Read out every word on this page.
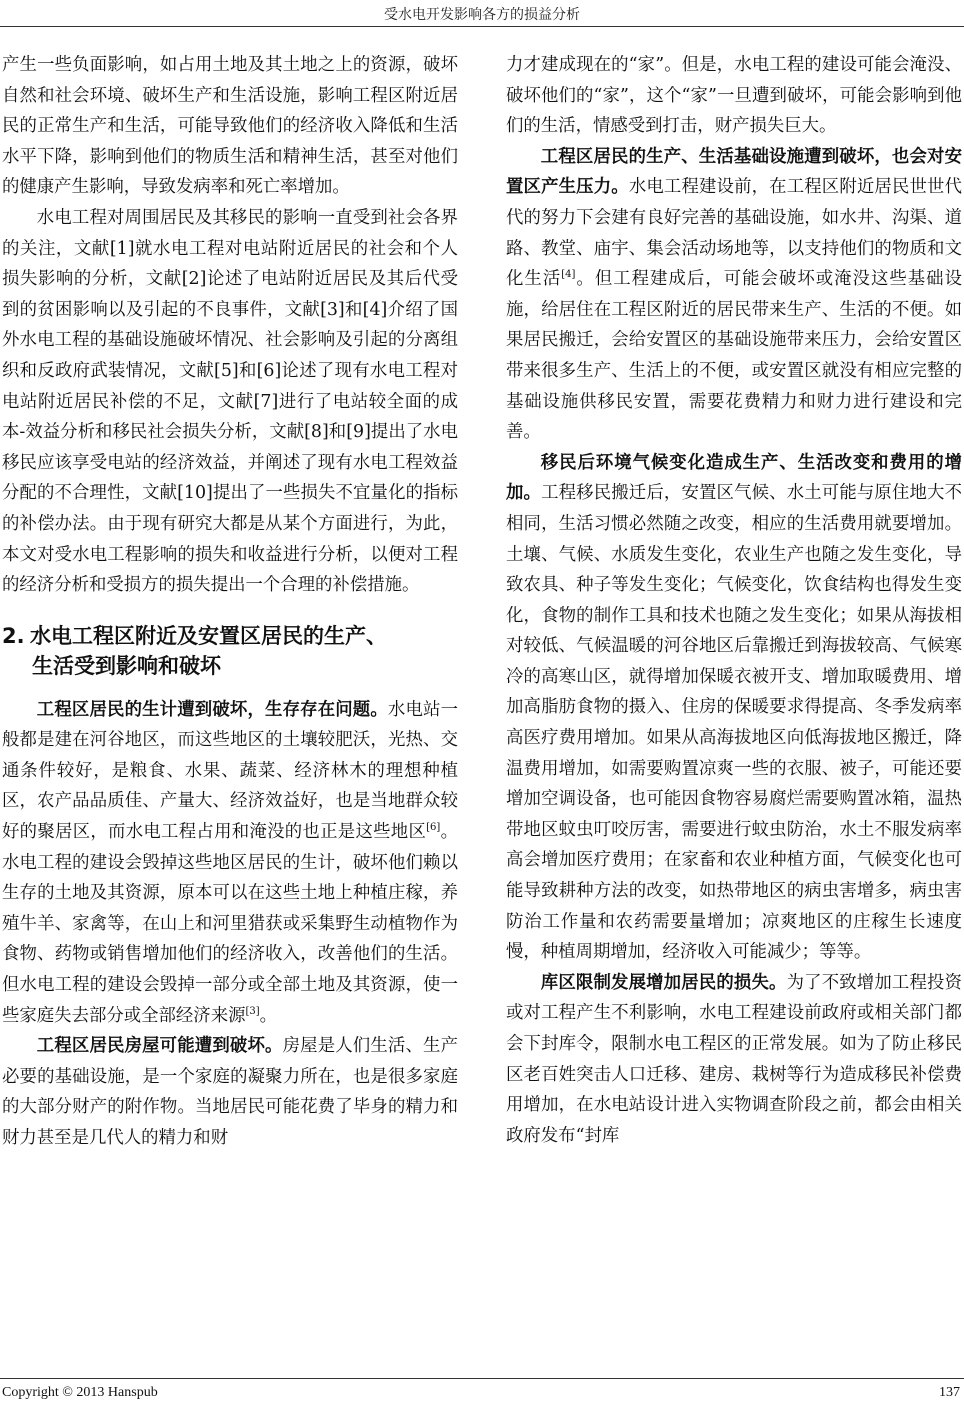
受水电开发影响各方的损益分析

产生一些负面影响，如占用土地及其土地之上的资源，破坏自然和社会环境、破坏生产和生活设施，影响工程区附近居民的正常生产和生活，可能导致他们的经济收入降低和生活水平下降，影响到他们的物质生活和精神生活，甚至对他们的健康产生影响，导致发病率和死亡率增加。

水电工程对周围居民及其移民的影响一直受到社会各界的关注，文献[1]就水电工程对电站附近居民的社会和个人损失影响的分析，文献[2]论述了电站附近居民及其后代受到的贫困影响以及引起的不良事件，文献[3]和[4]介绍了国外水电工程的基础设施破坏情况、社会影响及引起的分离组织和反政府武装情况，文献[5]和[6]论述了现有水电工程对电站附近居民补偿的不足，文献[7]进行了电站较全面的成本-效益分析和移民社会损失分析，文献[8]和[9]提出了水电移民应该享受电站的经济效益，并阐述了现有水电工程效益分配的不合理性，文献[10]提出了一些损失不宜量化的指标的补偿办法。由于现有研究大都是从某个方面进行，为此，本文对受水电工程影响的损失和收益进行分析，以便对工程的经济分析和受损方的损失提出一个合理的补偿措施。

2. 水电工程区附近及安置区居民的生产、
生活受到影响和破坏

工程区居民的生计遭到破坏，生存存在问题。水电站一般都是建在河谷地区，而这些地区的土壤较肥沃，光热、交通条件较好，是粮食、水果、蔬菜、经济林木的理想种植区，农产品品质佳、产量大、经济效益好，也是当地群众较好的聚居区，而水电工程占用和淹没的也正是这些地区[6]。水电工程的建设会毁掉这些地区居民的生计，破坏他们赖以生存的土地及其资源，原本可以在这些土地上种植庄稼，养殖牛羊、家禽等，在山上和河里猎获或采集野生动植物作为食物、药物或销售增加他们的经济收入，改善他们的生活。但水电工程的建设会毁掉一部分或全部土地及其资源，使一些家庭失去部分或全部经济来源[3]。

工程区居民房屋可能遭到破坏。房屋是人们生活、生产必要的基础设施，是一个家庭的凝聚力所在，也是很多家庭的大部分财产的附作物。当地居民可能花费了毕身的精力和财力甚至是几代人的精力和财

力才建成现在的“家”。但是，水电工程的建设可能会淹没、破坏他们的“家”，这个“家”一旦遭到破坏，可能会影响到他们的生活，情感受到打击，财产损失巨大。

工程区居民的生产、生活基础设施遭到破坏，也会对安置区产生压力。水电工程建设前，在工程区附近居民世世代代的努力下会建有良好完善的基础设施，如水井、沟渠、道路、教堂、庙宇、集会活动场地等，以支持他们的物质和文化生活[4]。但工程建成后，可能会破坏或淹没这些基础设施，给居住在工程区附近的居民带来生产、生活的不便。如果居民搬迁，会给安置区的基础设施带来压力，会给安置区带来很多生产、生活上的不便，或安置区就没有相应完整的基础设施供移民安置，需要花费精力和财力进行建设和完善。

移民后环境气候变化造成生产、生活改变和费用的增加。工程移民搬迁后，安置区气候、水土可能与原住地大不相同，生活习惯必然随之改变，相应的生活费用就要增加。土壤、气候、水质发生变化，农业生产也随之发生变化，导致农具、种子等发生变化；气候变化，饮食结构也得发生变化，食物的制作工具和技术也随之发生变化；如果从海拔相对较低、气候温暖的河谷地区后靠搬迁到海拔较高、气候寒冷的高寒山区，就得增加保暖衣被开支、增加取暖费用、增加高脂肪食物的摄入、住房的保暖要求得提高、冬季发病率高医疗费用增加。如果从高海拔地区向低海拔地区搬迁，降温费用增加，如需要购置凉爽一些的衣服、被子，可能还要增加空调设备，也可能因食物容易腐烂需要购置冰箱，温热带地区蚊虫叮咬厉害，需要进行蚊虫防治，水土不服发病率高会增加医疗费用；在家畜和农业种植方面，气候变化也可能导致耕种方法的改变，如热带地区的病虫害增多，病虫害防治工作量和农药需要量增加；凉爽地区的庄稼生长速度慢，种植周期增加，经济收入可能减少；等等。

库区限制发展增加居民的损失。为了不致增加工程投资或对工程产生不利影响，水电工程建设前政府或相关部门都会下封库令，限制水电工程区的正常发展。如为了防止移民区老百姓突击人口迁移、建房、栽树等行为造成移民补偿费用增加，在水电站设计进入实物调查阶段之前，都会由相关政府发布“封库

Copyright © 2013 Hanspub	137
